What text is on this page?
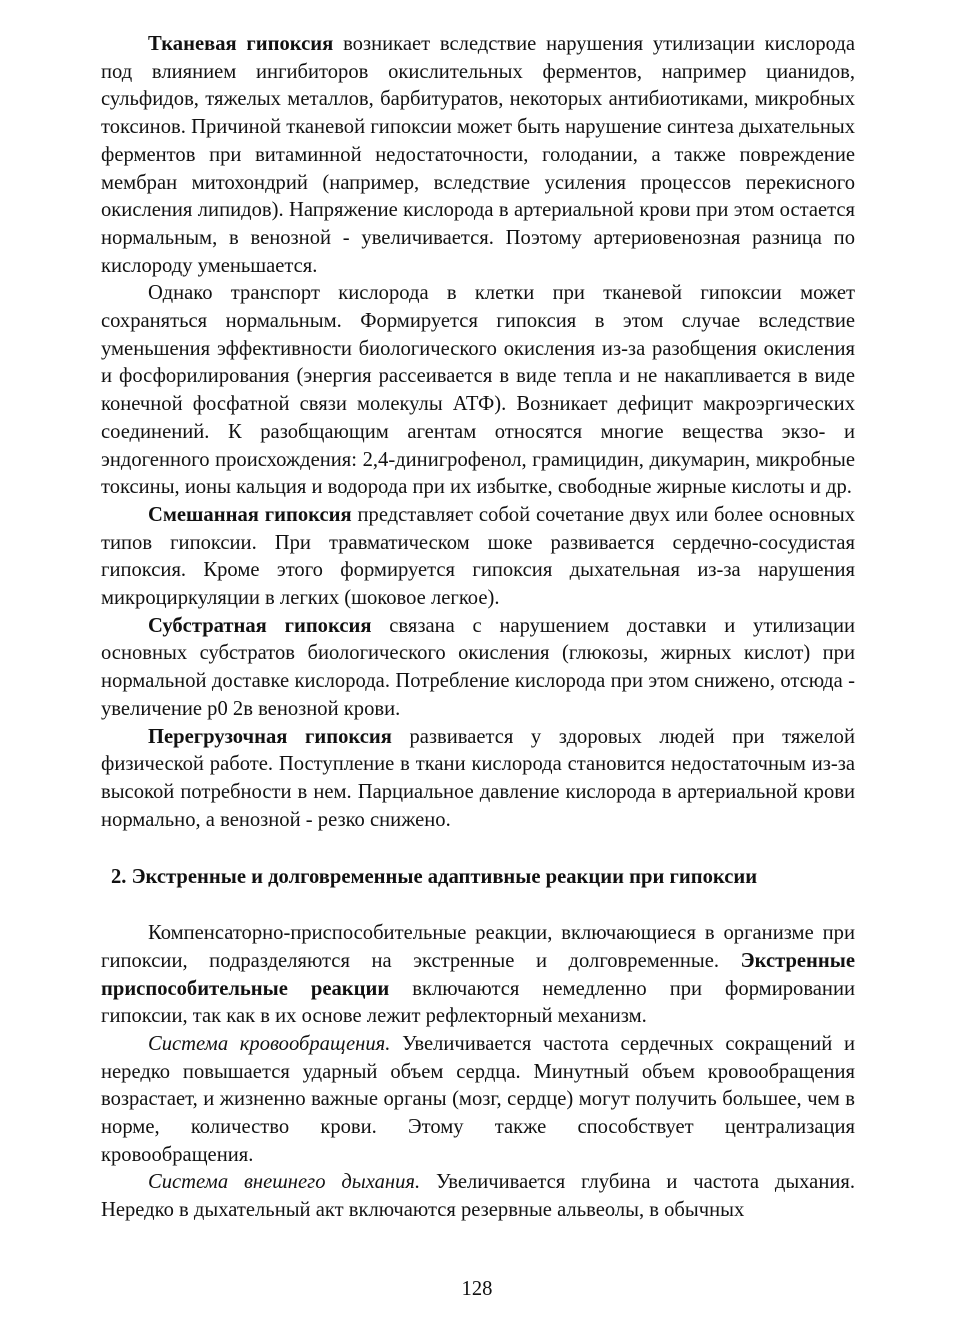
Тканевая гипоксия возникает вследствие нарушения утилизации кислорода под влиянием ингибиторов окислительных ферментов, например цианидов, сульфидов, тяжелых металлов, барбитуратов, некоторых антибиотиками, микробных токсинов. Причиной тканевой гипоксии может быть нарушение синтеза дыхательных ферментов при витаминной недостаточности, голодании, а также повреждение мембран митохондрий (например, вследствие усиления процессов перекисного окисления липидов). Напряжение кислорода в артериальной крови при этом остается нормальным, в венозной - увеличивается. Поэтому артериовенозная разница по кислороду уменьшается.

Однако транспорт кислорода в клетки при тканевой гипоксии может сохраняться нормальным. Формируется гипоксия в этом случае вследствие уменьшения эффективности биологического окисления из-за разобщения окисления и фосфорилирования (энергия рассеивается в виде тепла и не накапливается в виде конечной фосфатной связи молекулы АТФ). Возникает дефицит макроэргических соединений. К разобщающим агентам относятся многие вещества экзо- и эндогенного происхождения: 2,4-динигрофенол, грамицидин, дикумарин, микробные токсины, ионы кальция и водорода при их избытке, свободные жирные кислоты и др.

Смешанная гипоксия представляет собой сочетание двух или более основных типов гипоксии. При травматическом шоке развивается сердечно-сосудистая гипоксия. Кроме этого формируется гипоксия дыхательная из-за нарушения микроциркуляции в легких (шоковое легкое).

Субстратная гипоксия связана с нарушением доставки и утилизации основных субстратов биологического окисления (глюкозы, жирных кислот) при нормальной доставке кислорода. Потребление кислорода при этом снижено, отсюда - увеличение р0 2в венозной крови.

Перегрузочная гипоксия развивается у здоровых людей при тяжелой физической работе. Поступление в ткани кислорода становится недостаточным из-за высокой потребности в нем. Парциальное давление кислорода в артериальной крови нормально, а венозной - резко снижено.

2. Экстренные и долговременные адаптивные реакции при гипоксии

Компенсаторно-приспособительные реакции, включающиеся в организме при гипоксии, подразделяются на экстренные и долговременные. Экстренные приспособительные реакции включаются немедленно при формировании гипоксии, так как в их основе лежит рефлекторный механизм.

Система кровообращения. Увеличивается частота сердечных сокращений и нередко повышается ударный объем сердца. Минутный объем кровообращения возрастает, и жизненно важные органы (мозг, сердце) могут получить большее, чем в норме, количество крови. Этому также способствует централизация кровообращения.

Система внешнего дыхания. Увеличивается глубина и частота дыхания. Нередко в дыхательный акт включаются резервные альвеолы, в обычных

128
